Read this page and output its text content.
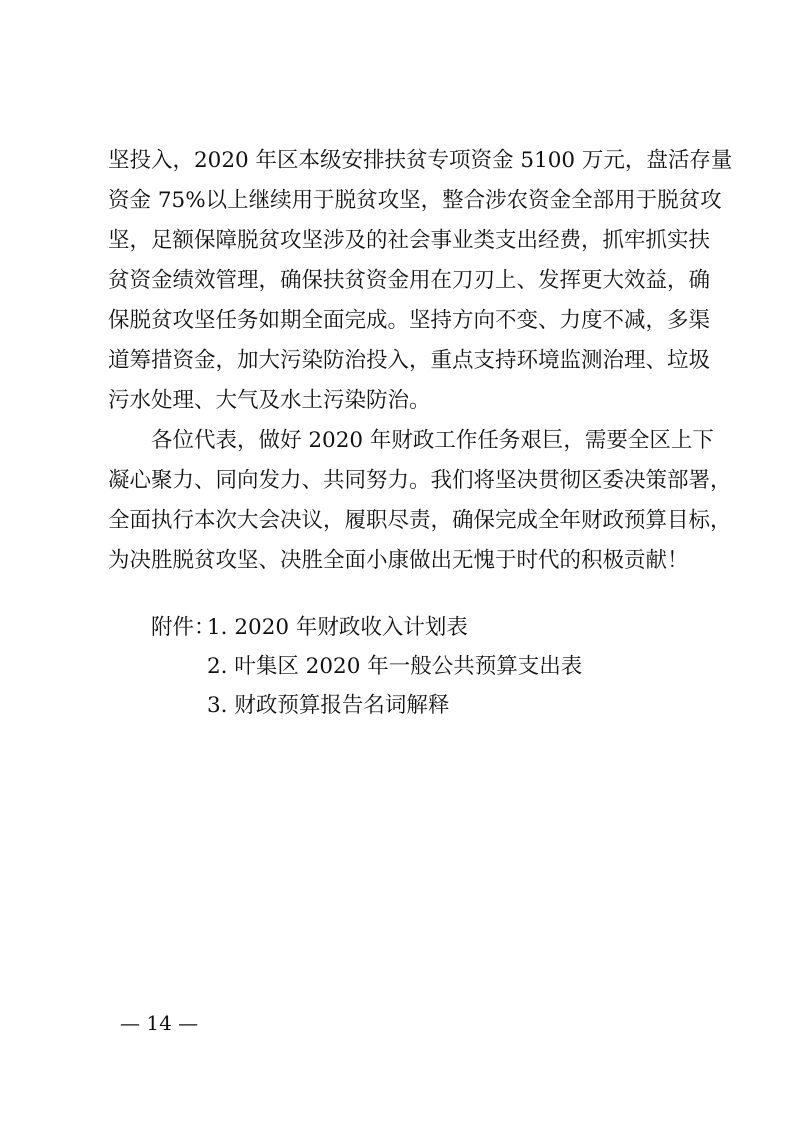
坚投入，2020 年区本级安排扶贫专项资金 5100 万元，盘活存量
资金 75%以上继续用于脱贫攻坚，整合涉农资金全部用于脱贫攻
坚，足额保障脱贫攻坚涉及的社会事业类支出经费，抓牢抓实扶
贫资金绩效管理，确保扶贫资金用在刀刃上、发挥更大效益，确
保脱贫攻坚任务如期全面完成。坚持方向不变、力度不减，多渠
道筹措资金，加大污染防治投入，重点支持环境监测治理、垃圾
污水处理、大气及水土污染防治。
各位代表，做好 2020 年财政工作任务艰巨，需要全区上下
凝心聚力、同向发力、共同努力。我们将坚决贯彻区委决策部署，
全面执行本次大会决议，履职尽责，确保完成全年财政预算目标，
为决胜脱贫攻坚、决胜全面小康做出无愧于时代的积极贡献！
附件：
1. 2020 年财政收入计划表
2. 叶集区 2020 年一般公共预算支出表
3. 财政预算报告名词解释
— 14 —
